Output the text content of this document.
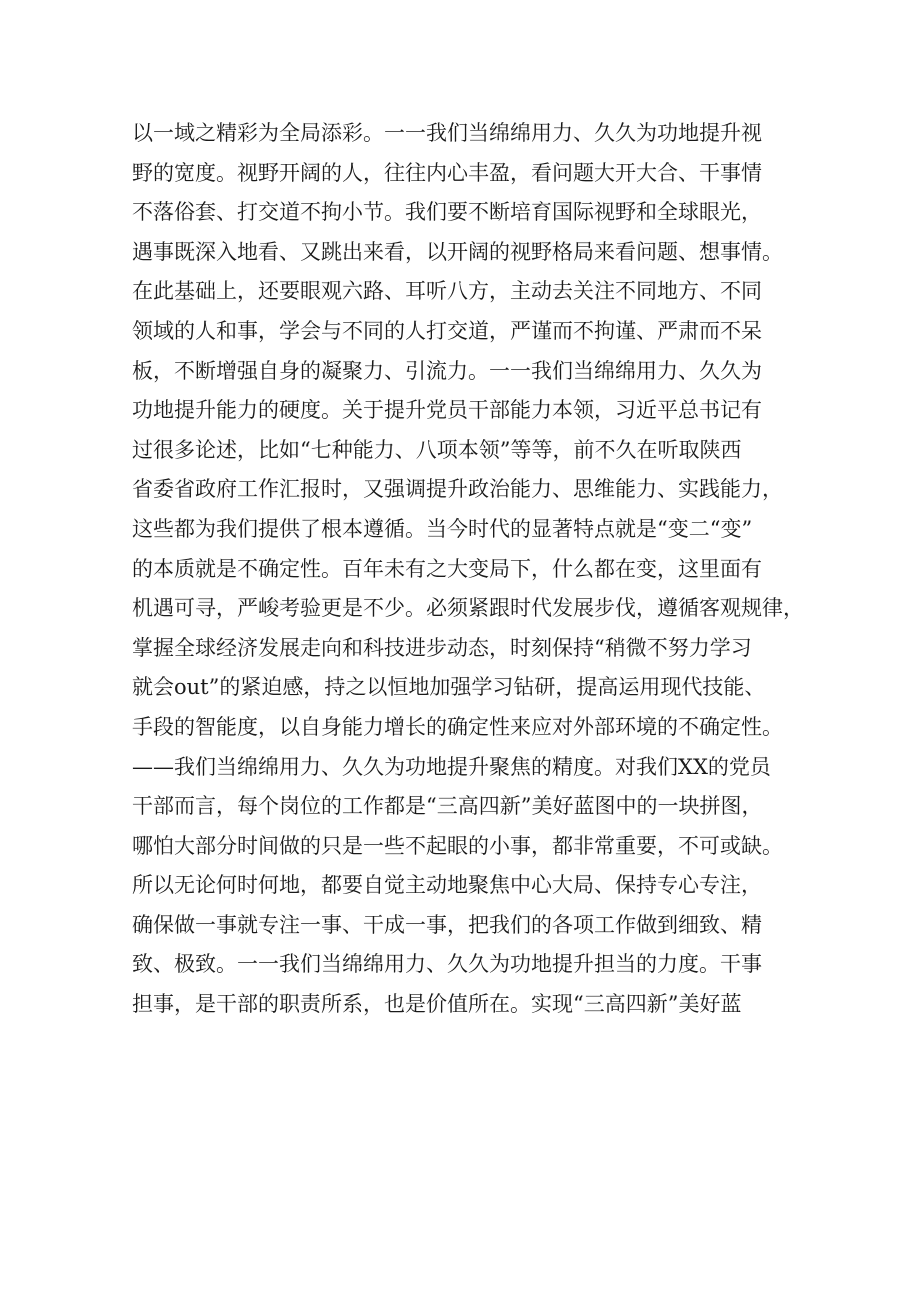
以一域之精彩为全局添彩。一一我们当绵绵用力、久久为功地提升视
野的宽度。视野开阔的人，往往内心丰盈，看问题大开大合、干事情
不落俗套、打交道不拘小节。我们要不断培育国际视野和全球眼光，
遇事既深入地看、又跳出来看，以开阔的视野格局来看问题、想事情。
在此基础上，还要眼观六路、耳听八方，主动去关注不同地方、不同
领域的人和事，学会与不同的人打交道，严谨而不拘谨、严肃而不呆
板，不断增强自身的凝聚力、引流力。一一我们当绵绵用力、久久为
功地提升能力的硬度。关于提升党员干部能力本领，习近平总书记有
过很多论述，比如“七种能力、八项本领”等等，前不久在听取陕西
省委省政府工作汇报时，又强调提升政治能力、思维能力、实践能力，
这些都为我们提供了根本遵循。当今时代的显著特点就是“变二“变”
的本质就是不确定性。百年未有之大变局下，什么都在变，这里面有
机遇可寻，严峻考验更是不少。必须紧跟时代发展步伐，遵循客观规律，
掌握全球经济发展走向和科技进步动态，时刻保持“稍微不努力学习
就会out”的紧迫感，持之以恒地加强学习钻研，提高运用现代技能、
手段的智能度，以自身能力增长的确定性来应对外部环境的不确定性。
——我们当绵绵用力、久久为功地提升聚焦的精度。对我们XX的党员
干部而言，每个岗位的工作都是“三高四新”美好蓝图中的一块拼图，
哪怕大部分时间做的只是一些不起眼的小事，都非常重要，不可或缺。
所以无论何时何地，都要自觉主动地聚焦中心大局、保持专心专注，
确保做一事就专注一事、干成一事，把我们的各项工作做到细致、精
致、极致。一一我们当绵绵用力、久久为功地提升担当的力度。干事
担事，是干部的职责所系，也是价值所在。实现“三高四新”美好蓝
